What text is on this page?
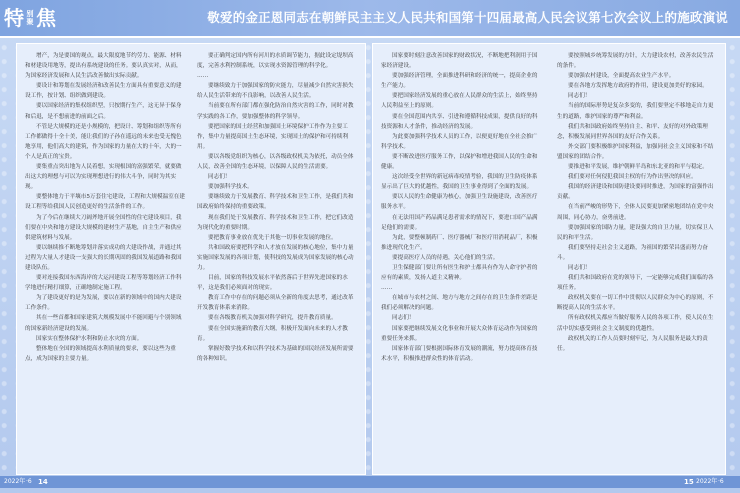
特 别聚焦	敬爱的金正恩同志在朝鲜民主主义人民共和国第十四届最高人民会议第七次会议上的施政演说

增产，为是要国的观点，最大限度地节约劳力、能源、材料和材建设用地等，提出有系统建设的任务。要认真实对，从而，为国家经济发展和人民生活改善做出实际贡献。

要设计和筹划在发展经济和改善民生方面具有重要意义的建设工作，按计划、组织做到建设。

要以国家经济的集权组织型，只按期行生产，这无异于保身和后退，是不想前进的前面之后。

不管是大规模的还是小规模的，把设计、筹划和组织等所有工作都做得十全十美，能让我们的子孙在遥远的未来也受无愧色地享用，他们高大的建筑，作为国家的力量在大的十年，大的一个人是真正的宝贵。

要集重点突出地为人民着想，实现根国的富强繁荣，就要做出这大的理想与可以为实现理想进行的伟大斗争，同时为其实现。

要整体地力于平壤市5万套住宅建设，工程和大规模温室在建设工程等给我国人民创造更好的生活条件的工作。

为了今后在继续大刀阔斧地开展全国性的住宅建设项目，我们要在中央和地方建设大规模的建材生产基地，自主生产和供应供建筑材料与发展。

要以继续推不断地筹划并落实成功的大建设作战，并通过其过程为大量人才建设一支强大的长期巩固的我国发展道路和我国建设队伍。

要对连接我国东西海岸的大运河建设工程等筹划经济工作科学地进行精打细算，正确地制定施工程。

为了建设更好的是为发展，要以在新的领域中的国内大建设工作条件。

其在一些首都和国家建筑大规模发展中不能回避与个别领域的国家新经济建设的发展。

国家实在整体保护水利和防止水灾的方面。

整体地在全国的领域提高水利质量的要求，要以这些为重点，成为国家的主要力量。

要正确判定国内所有河川的水质调节能力，据此设定堤坝高度，完善水利控制系统，以实现水资源管理的科学化。

……

要继续致力于加强国家的防灾能力，尽量减少自然灾害损失给人民生活带来的不良影响，以改善人民生活。

当前要在所有部门都在强化防治自然灾害的工作，同时对教学实践的各工作，要加强整体的科学领导。

要把国家的国土经营和加强国土环境保护工作作为主要工作，集中力量提高国土生态环境，实现国土的保护和可持续利用。

要以各级党组织为核心，以各级政权机关为依托，动员全体人民，改善全国的生态环境，以保障人民的生活需要。

同志们！

要加强科学技术。

要继续致力于发展教育、科学技术和卫生工作，是我们共和国政府始终保持的重要政策。

现在我们处于发展教育、科学技术和卫生工作，把它们改造为现代化的重要时期。

要把教育事业放在优先于其他一切事业发展的地位。

共和国政府要把科学和人才放在发展的核心地位，集中力量实施国家发展的各项计划，使科技的发展成为国家发展的核心动力。

目前，国家的科技发展水平依然落后于世界先进国家的水平，这是我们必须面对的现实。

教育工作中存在的问题必须从全新的角度去思考，通过改革开发教育体系来消除。

要在各级教育机关加强对科学研究，提升教育质量。

要在全国实施新的教育大纲，积极开发面向未来的人才教育。

掌握好数学技术和以科学技术为基础的国民经济发展所需要的各种知识。

国家要时刻注意改善国家的财政状况，不断地把利润用于国家经济建设。

要加强经济管理，全面推进科研和经济的统一，提高企业的生产能力。

要把国家经济发展的重心放在人民群众的生活上，始终坚持人民利益至上的原则。

要在全国范围内共享、引进和遵循科技成果，提供良好的科技资源和人才条件，推动经济的发展。

为此要加强科学技术人员的工作，以便更好地在全社会推广科学技术。

要不断改进医疗服务工作，以保护和增进我国人民的生命和健康。

这次经受全世界的新冠病毒疫情考验，我国的卫生防疫体系显示出了巨大的优越性，我国的卫生事业得到了全面的发展。

要以人民的生命健康为核心，加强卫生设施建设，改善医疗服务水平。

在无法用国产药品满足患者需求的情况下，要进口国产品满足他们的需要。

为此，要整顿制药厂、医疗器械厂和医疗用消耗品厂，积极推进现代化生产。

要提高医疗人员的待遇，关心他们的生活。

卫生保健部门要让所有医生和护士都具有作为人命守护者的应有的素质，发扬人道主义精神。

……

在城市与农村之间、地方与地方之间存在的卫生条件差距是我们必须解决的问题。

同志们！

国家要把继续发展文化事业和开展大众体育运动作为国家的重要任务来抓。

国家体育部门要根据国际体育发展的潮流，努力提高体育技术水平，积极推进群众性的体育活动。

要按照城乡统筹发展的方针，大力建设农村，改善农民生活的条件。

要加强农村建设，全面提高农业生产水平。

要在各地方发挥地方政府的作用，建设更加美好的家园。

同志们！

当前的国际形势是复杂多变的，我们要坚定不移地走自力更生的道路，维护国家的尊严和利益。

我们共和国政府始终坚持自主、和平、友好的对外政策理念，积极发展同世界各国的友好合作关系。

外交部门要积极维护国家利益，加强同社会主义国家和不结盟国家的团结合作。

要推进和平发展，维护朝鲜半岛和东北亚的和平与稳定。

我们要对任何侵犯我国主权的行为作出坚决的回应。

我国的经济建设和国防建设要同时推进，为国家的富强作出贡献。

在当前严峻的形势下，全体人民要更加紧密地团结在党中央周围，同心协力，奋勇前进。

要加强国家的国防力量，建设强大的自卫力量，切实保卫人民的和平生活。

我们要坚持走社会主义道路，为祖国的繁荣昌盛而努力奋斗。

同志们！

我们共和国政府在党的领导下，一定能够完成我们面临的各项任务。

政权机关要在一切工作中贯彻以人民群众为中心的原则，不断提高人民的生活水平。

所有政权机关都应当做好服务人民的各项工作，使人民在生活中切实感受到社会主义制度的优越性。

政权机关的工作人员要时刻牢记，为人民服务是最大的责任。

2022年 ·6 14	15 2022年 ·6
